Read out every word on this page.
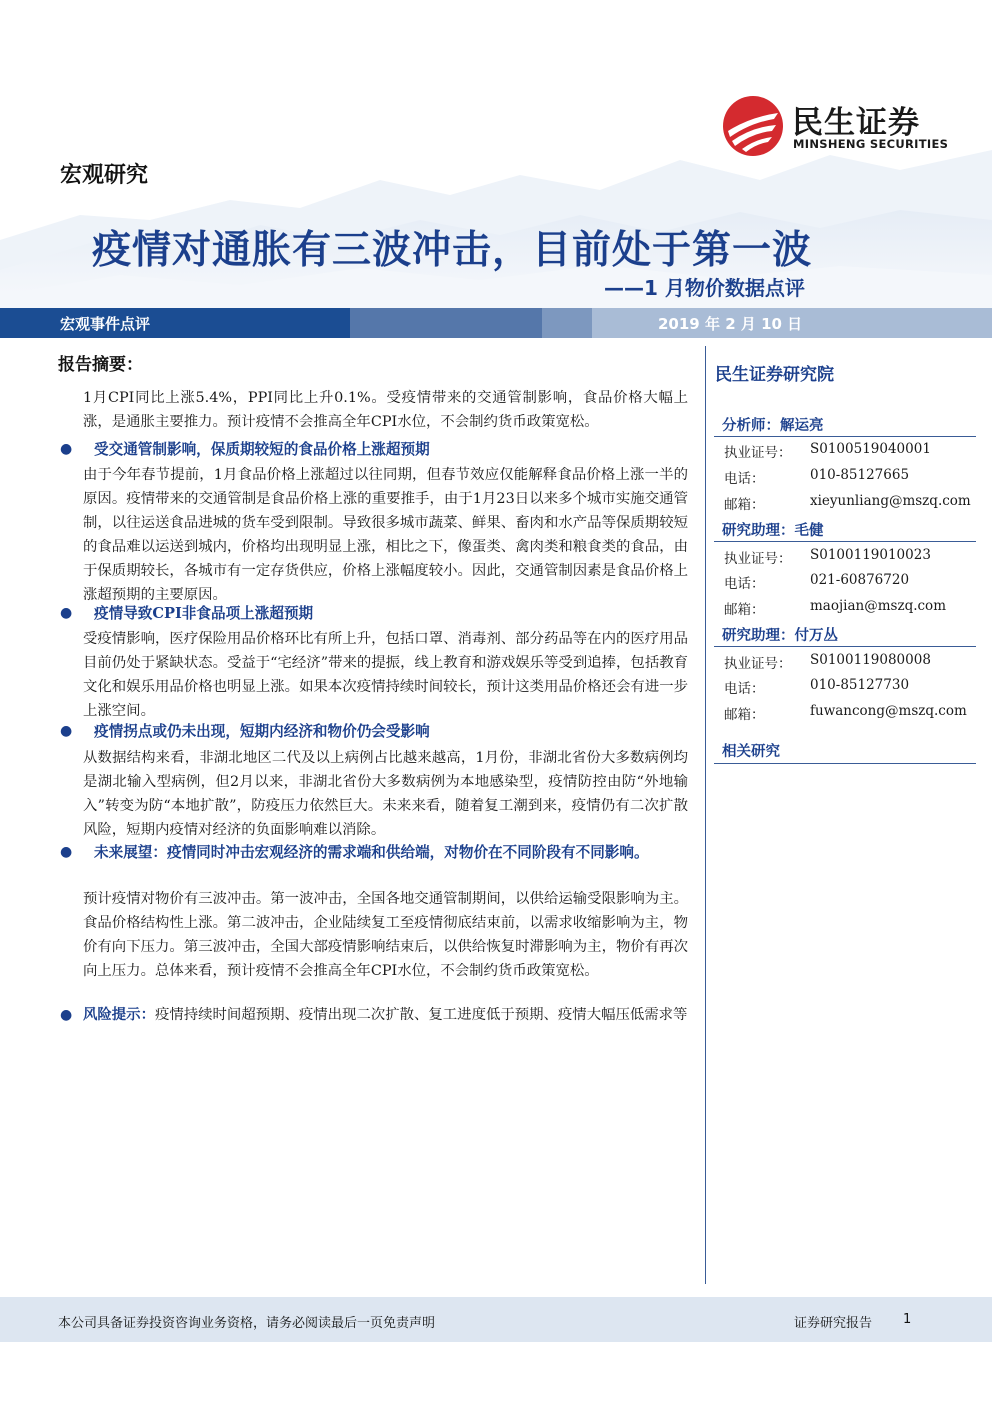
民生证券
MINSHENG SECURITIES
宏观研究
疫情对通胀有三波冲击，目前处于第一波
——1 月物价数据点评
宏观事件点评	2019 年 2 月 10 日
报告摘要：
1月CPI同比上涨5.4%，PPI同比上升0.1%。受疫情带来的交通管制影响，食品价格大幅上涨，是通胀主要推力。预计疫情不会推高全年CPI水位，不会制约货币政策宽松。
● 受交通管制影响，保质期较短的食品价格上涨超预期
由于今年春节提前，1月食品价格上涨超过以往同期，但春节效应仅能解释食品价格上涨一半的原因。疫情带来的交通管制是食品价格上涨的重要推手，由于1月23日以来多个城市实施交通管制，以往运送食品进城的货车受到限制。导致很多城市蔬菜、鲜果、畜肉和水产品等保质期较短的食品难以运送到城内，价格均出现明显上涨，相比之下，像蛋类、禽肉类和粮食类的食品，由于保质期较长，各城市有一定存货供应，价格上涨幅度较小。因此，交通管制因素是食品价格上涨超预期的主要原因。
● 疫情导致CPI非食品项上涨超预期
受疫情影响，医疗保险用品价格环比有所上升，包括口罩、消毒剂、部分药品等在内的医疗用品目前仍处于紧缺状态。受益于“宅经济”带来的提振，线上教育和游戏娱乐等受到追捧，包括教育文化和娱乐用品价格也明显上涨。如果本次疫情持续时间较长，预计这类用品价格还会有进一步上涨空间。
● 疫情拐点或仍未出现，短期内经济和物价仍会受影响
从数据结构来看，非湖北地区二代及以上病例占比越来越高，1月份，非湖北省份大多数病例均是湖北输入型病例，但2月以来，非湖北省份大多数病例为本地感染型，疫情防控由防“外地输入”转变为防“本地扩散”，防疫压力依然巨大。未来来看，随着复工潮到来，疫情仍有二次扩散风险，短期内疫情对经济的负面影响难以消除。
● 未来展望：疫情同时冲击宏观经济的需求端和供给端，对物价在不同阶段有不同影响。
预计疫情对物价有三波冲击。第一波冲击，全国各地交通管制期间，以供给运输受限影响为主。食品价格结构性上涨。第二波冲击，企业陆续复工至疫情彻底结束前，以需求收缩影响为主，物价有向下压力。第三波冲击，全国大部疫情影响结束后，以供给恢复时滞影响为主，物价有再次向上压力。总体来看，预计疫情不会推高全年CPI水位，不会制约货币政策宽松。
● 风险提示：疫情持续时间超预期、疫情出现二次扩散、复工进度低于预期、疫情大幅压低需求等
民生证券研究院
分析师：解运亮
执业证号： S0100519040001
电话：	010-85127665
邮箱：	xieyunliang@mszq.com
研究助理：毛健
执业证号： S0100119010023
电话：	021-60876720
邮箱：	maojian@mszq.com
研究助理：付万丛
执业证号： S0100119080008
电话：	010-85127730
邮箱：	fuwancong@mszq.com
相关研究
本公司具备证券投资咨询业务资格，请务必阅读最后一页免责声明	证券研究报告 1
